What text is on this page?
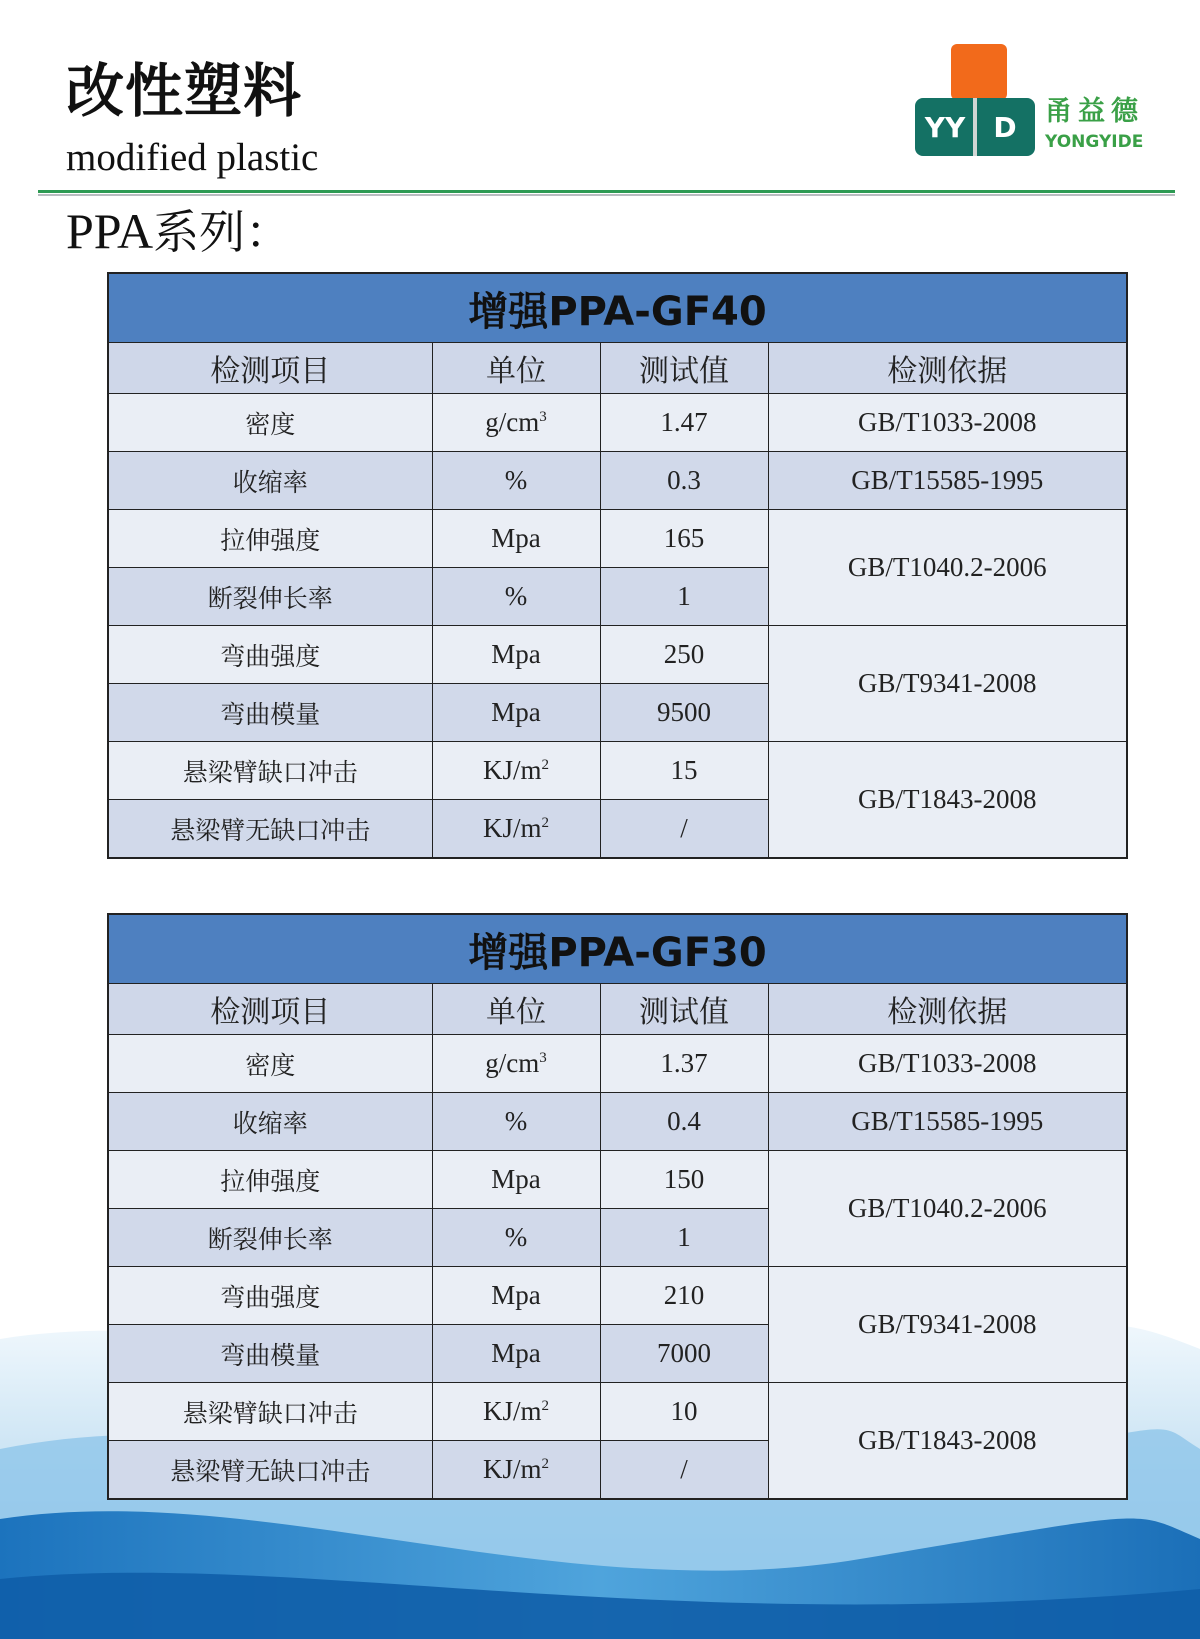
改性塑料
modified plastic
Y Y D 甬益德
YONGYIDE
PPA系列：
增强PPA-GF40			
检测项目	单位	测试值	检测依据
密度	$g/cm^3$	1.47	GB/T1033-2008
收缩率	%	0.3	GB/T15585-1995
拉伸强度	Mpa	165	GB/T1040.2-2006
断裂伸长率	%	1	
弯曲强度	Mpa	250	GB/T9341-2008
弯曲模量	Mpa	9500	
悬梁臂缺口冲击	$KJ/m^2$	15	GB/T1843-2008
悬梁臂无缺口冲击	$KJ/m^2$	/	
增强PPA-GF30			
检测项目	单位	测试值	检测依据
密度	$g/cm^3$	1.37	GB/T1033-2008
收缩率	%	0.4	GB/T15585-1995
拉伸强度	Mpa	150	GB/T1040.2-2006
断裂伸长率	%	1	
弯曲强度	Mpa	210	GB/T9341-2008
弯曲模量	Mpa	7000	
悬梁臂缺口冲击	$KJ/m^2$	10	GB/T1843-2008
悬梁臂无缺口冲击	$KJ/m^2$	/	
